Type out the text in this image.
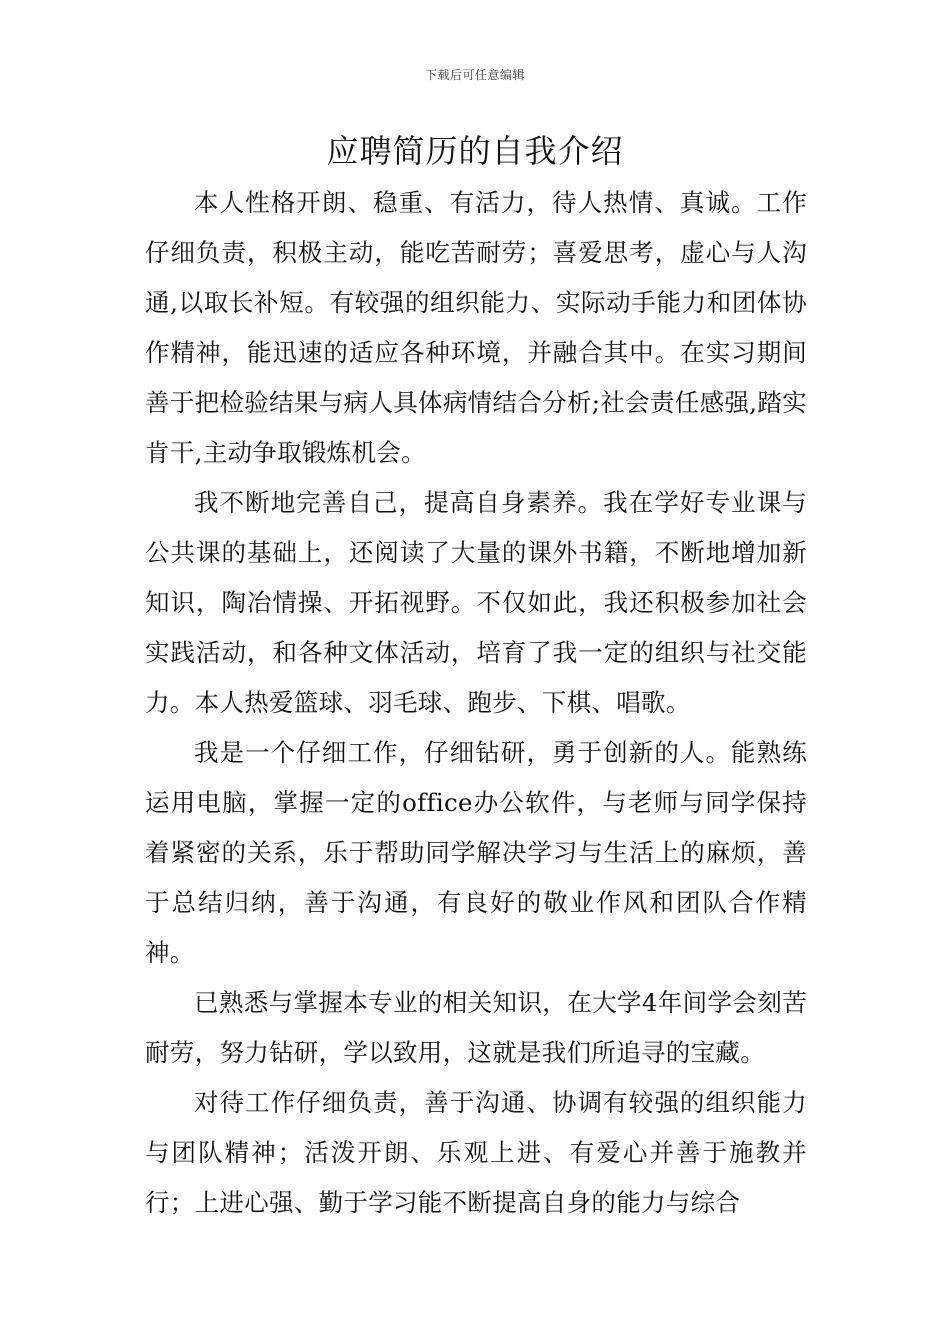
下载后可任意编辑
应聘简历的自我介绍

本人性格开朗、稳重、有活力，待人热情、真诚。工作仔细负责，积极主动，能吃苦耐劳；喜爱思考，虚心与人沟通,以取长补短。有较强的组织能力、实际动手能力和团体协作精神，能迅速的适应各种环境，并融合其中。在实习期间善于把检验结果与病人具体病情结合分析;社会责任感强,踏实肯干,主动争取锻炼机会。

我不断地完善自己，提高自身素养。我在学好专业课与公共课的基础上，还阅读了大量的课外书籍，不断地增加新知识，陶冶情操、开拓视野。不仅如此，我还积极参加社会实践活动，和各种文体活动，培育了我一定的组织与社交能力。本人热爱篮球、羽毛球、跑步、下棋、唱歌。

我是一个仔细工作，仔细钻研，勇于创新的人。能熟练运用电脑，掌握一定的office办公软件，与老师与同学保持着紧密的关系，乐于帮助同学解决学习与生活上的麻烦，善于总结归纳，善于沟通，有良好的敬业作风和团队合作精神。

已熟悉与掌握本专业的相关知识，在大学4年间学会刻苦耐劳，努力钻研，学以致用，这就是我们所追寻的宝藏。

对待工作仔细负责，善于沟通、协调有较强的组织能力与团队精神；活泼开朗、乐观上进、有爱心并善于施教并行；上进心强、勤于学习能不断提高自身的能力与综合
